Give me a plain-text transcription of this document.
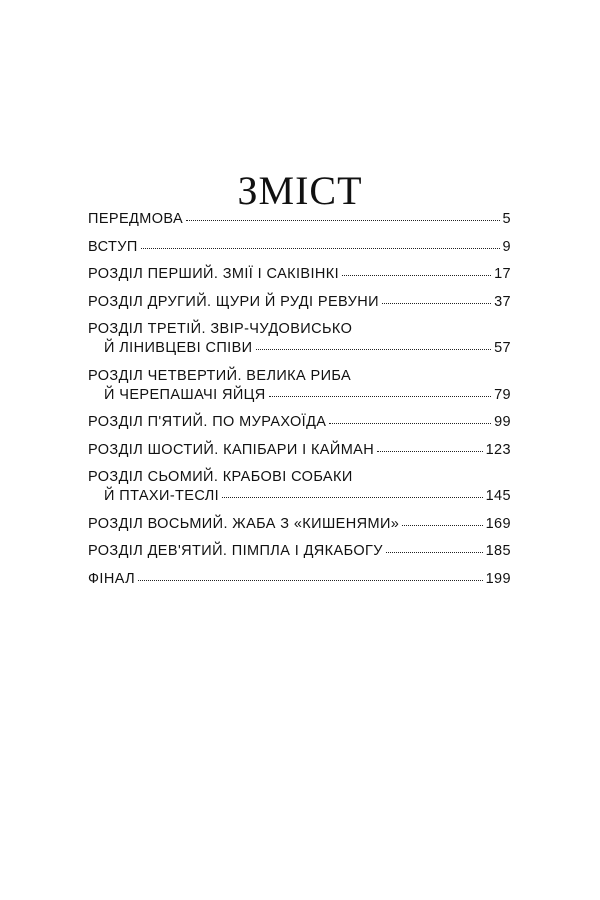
ЗМІСТ
ПЕРЕДМОВА	5
ВСТУП	9
РОЗДІЛ ПЕРШИЙ. ЗМІЇ І САКІВІНКІ	17
РОЗДІЛ ДРУГИЙ. ЩУРИ Й РУДІ РЕВУНИ	37
РОЗДІЛ ТРЕТІЙ. ЗВІР-ЧУДОВИСЬКО
Й ЛІНИВЦЕВІ СПІВИ	57
РОЗДІЛ ЧЕТВЕРТИЙ. ВЕЛИКА РИБА
Й ЧЕРЕПАШАЧІ ЯЙЦЯ	79
РОЗДІЛ П'ЯТИЙ. ПО МУРАХОЇДА	99
РОЗДІЛ ШОСТИЙ. КАПІБАРИ І КАЙМАН	123
РОЗДІЛ СЬОМИЙ. КРАБОВІ СОБАКИ
Й ПТАХИ-ТЕСЛІ	145
РОЗДІЛ ВОСЬМИЙ. ЖАБА З «КИШЕНЯМИ»	169
РОЗДІЛ ДЕВ'ЯТИЙ. ПІМПЛА І ДЯКАБОГУ	185
ФІНАЛ	199
